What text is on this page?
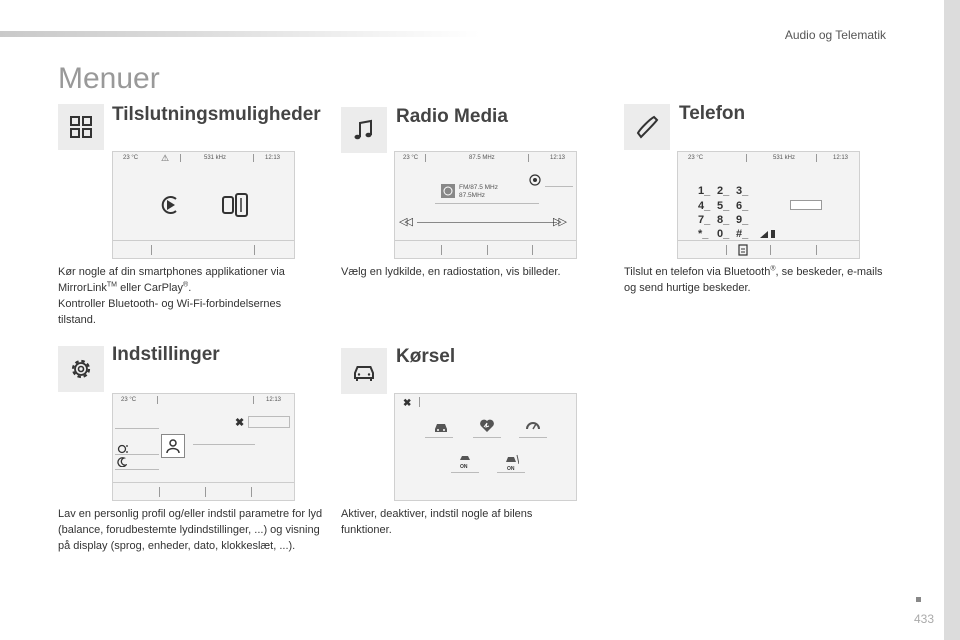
Audio og Telematik
Menuer
Tilslutningsmuligheder
23 °C	⚠	531 kHz	12:13

Kør nogle af din smartphones applikationer via MirrorLink™ eller CarPlay®.

Kontroller Bluetooth- og Wi-Fi-forbindelsernes tilstand.

Radio Media
23 °C	87.5 MHz	12:13
FM/87.5 MHz
87.5MHz
◁◁	▷▷
Vælg en lydkilde, en radiostation, vis billeder.
Telefon
23 °C	531 kHz	12:13
1_ 2_ 3_
4_ 5_ 6_
7_ 8_ 9_
*_ 0_ #_
Tilslut en telefon via Bluetooth®, se beskeder, e-mails og send hurtige beskeder.
Indstillinger
23 °C	12:13
✖
Lav en personlig profil og/eller indstil parametre for lyd (balance, forudbestemte lydindstillinger, ...) og visning på display (sprog, enheder, dato, klokkeslæt, ...).
Kørsel
✖
ON	ON
Aktiver, deaktiver, indstil nogle af bilens funktioner.
433
